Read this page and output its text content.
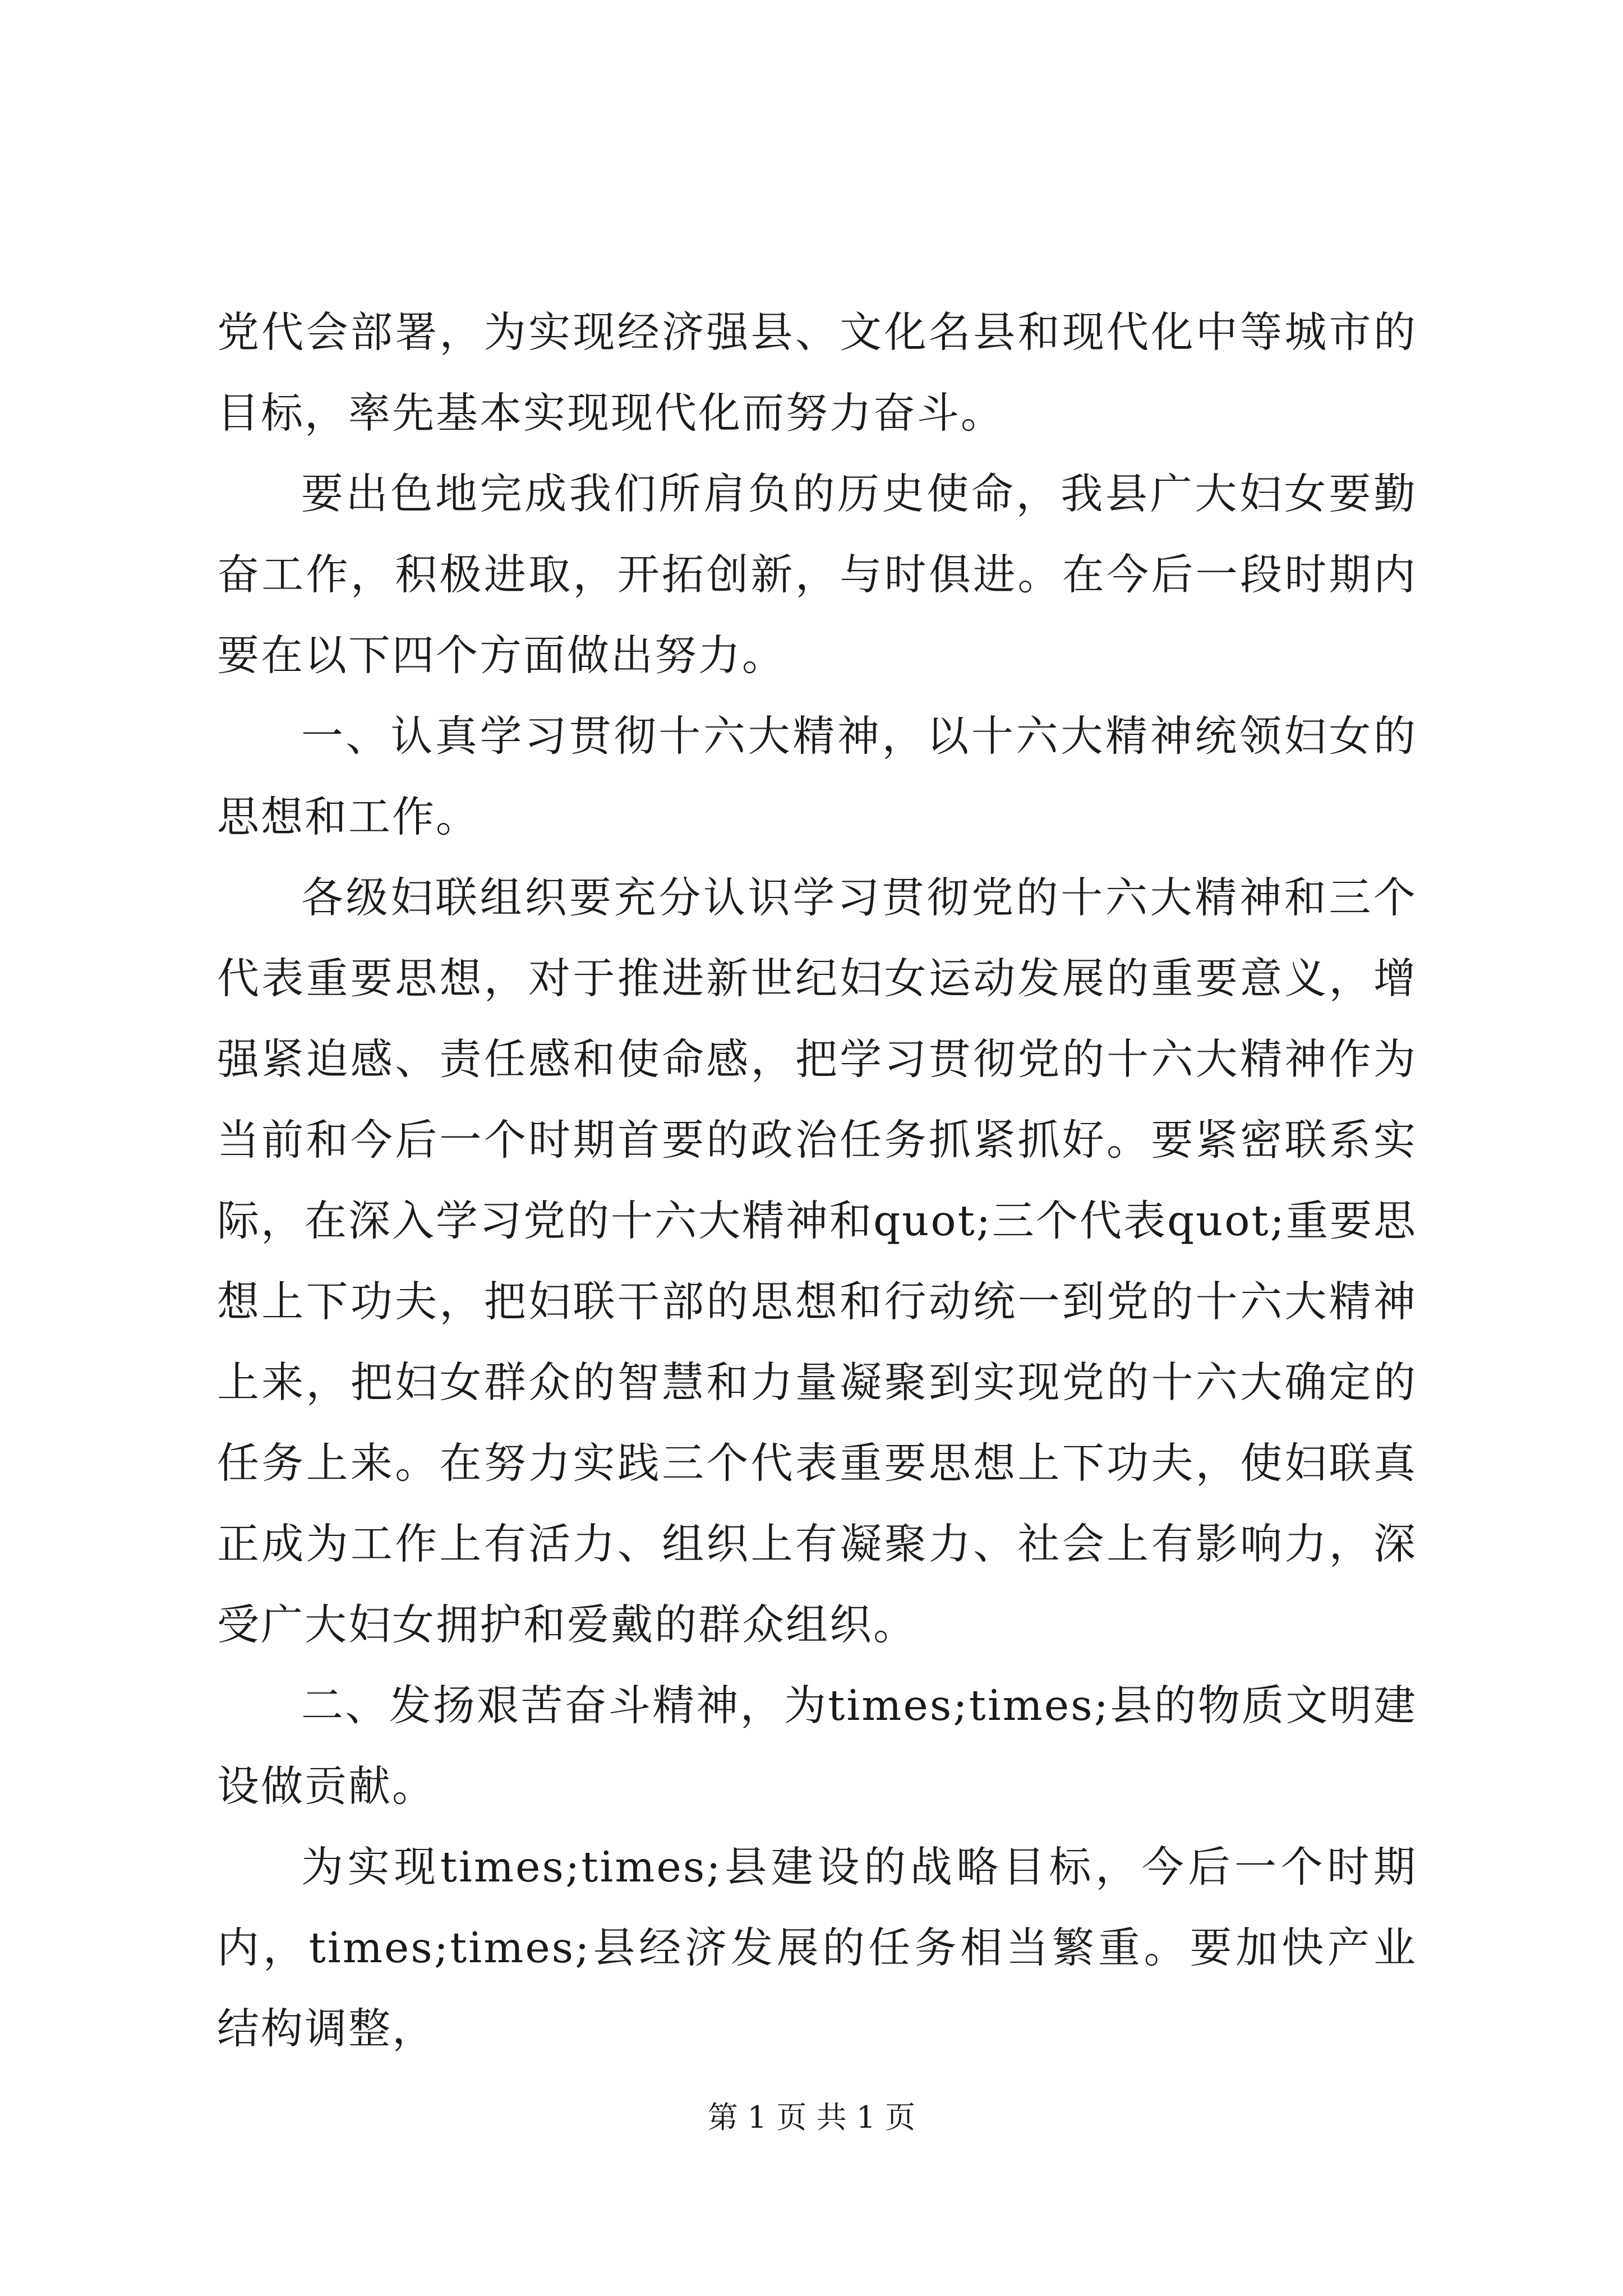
党代会部署，为实现经济强县、文化名县和现代化中等城市的目标，率先基本实现现代化而努力奋斗。

要出色地完成我们所肩负的历史使命，我县广大妇女要勤奋工作，积极进取，开拓创新，与时俱进。在今后一段时期内要在以下四个方面做出努力。

一、认真学习贯彻十六大精神，以十六大精神统领妇女的思想和工作。

各级妇联组织要充分认识学习贯彻党的十六大精神和三个代表重要思想，对于推进新世纪妇女运动发展的重要意义，增强紧迫感、责任感和使命感，把学习贯彻党的十六大精神作为当前和今后一个时期首要的政治任务抓紧抓好。要紧密联系实际，在深入学习党的十六大精神和quot;三个代表quot;重要思想上下功夫，把妇联干部的思想和行动统一到党的十六大精神上来，把妇女群众的智慧和力量凝聚到实现党的十六大确定的任务上来。在努力实践三个代表重要思想上下功夫，使妇联真正成为工作上有活力、组织上有凝聚力、社会上有影响力，深受广大妇女拥护和爱戴的群众组织。

二、发扬艰苦奋斗精神，为times;times;县的物质文明建设做贡献。

为实现times;times;县建设的战略目标，今后一个时期内，times;times;县经济发展的任务相当繁重。要加快产业结构调整，

第 1 页 共 1 页
